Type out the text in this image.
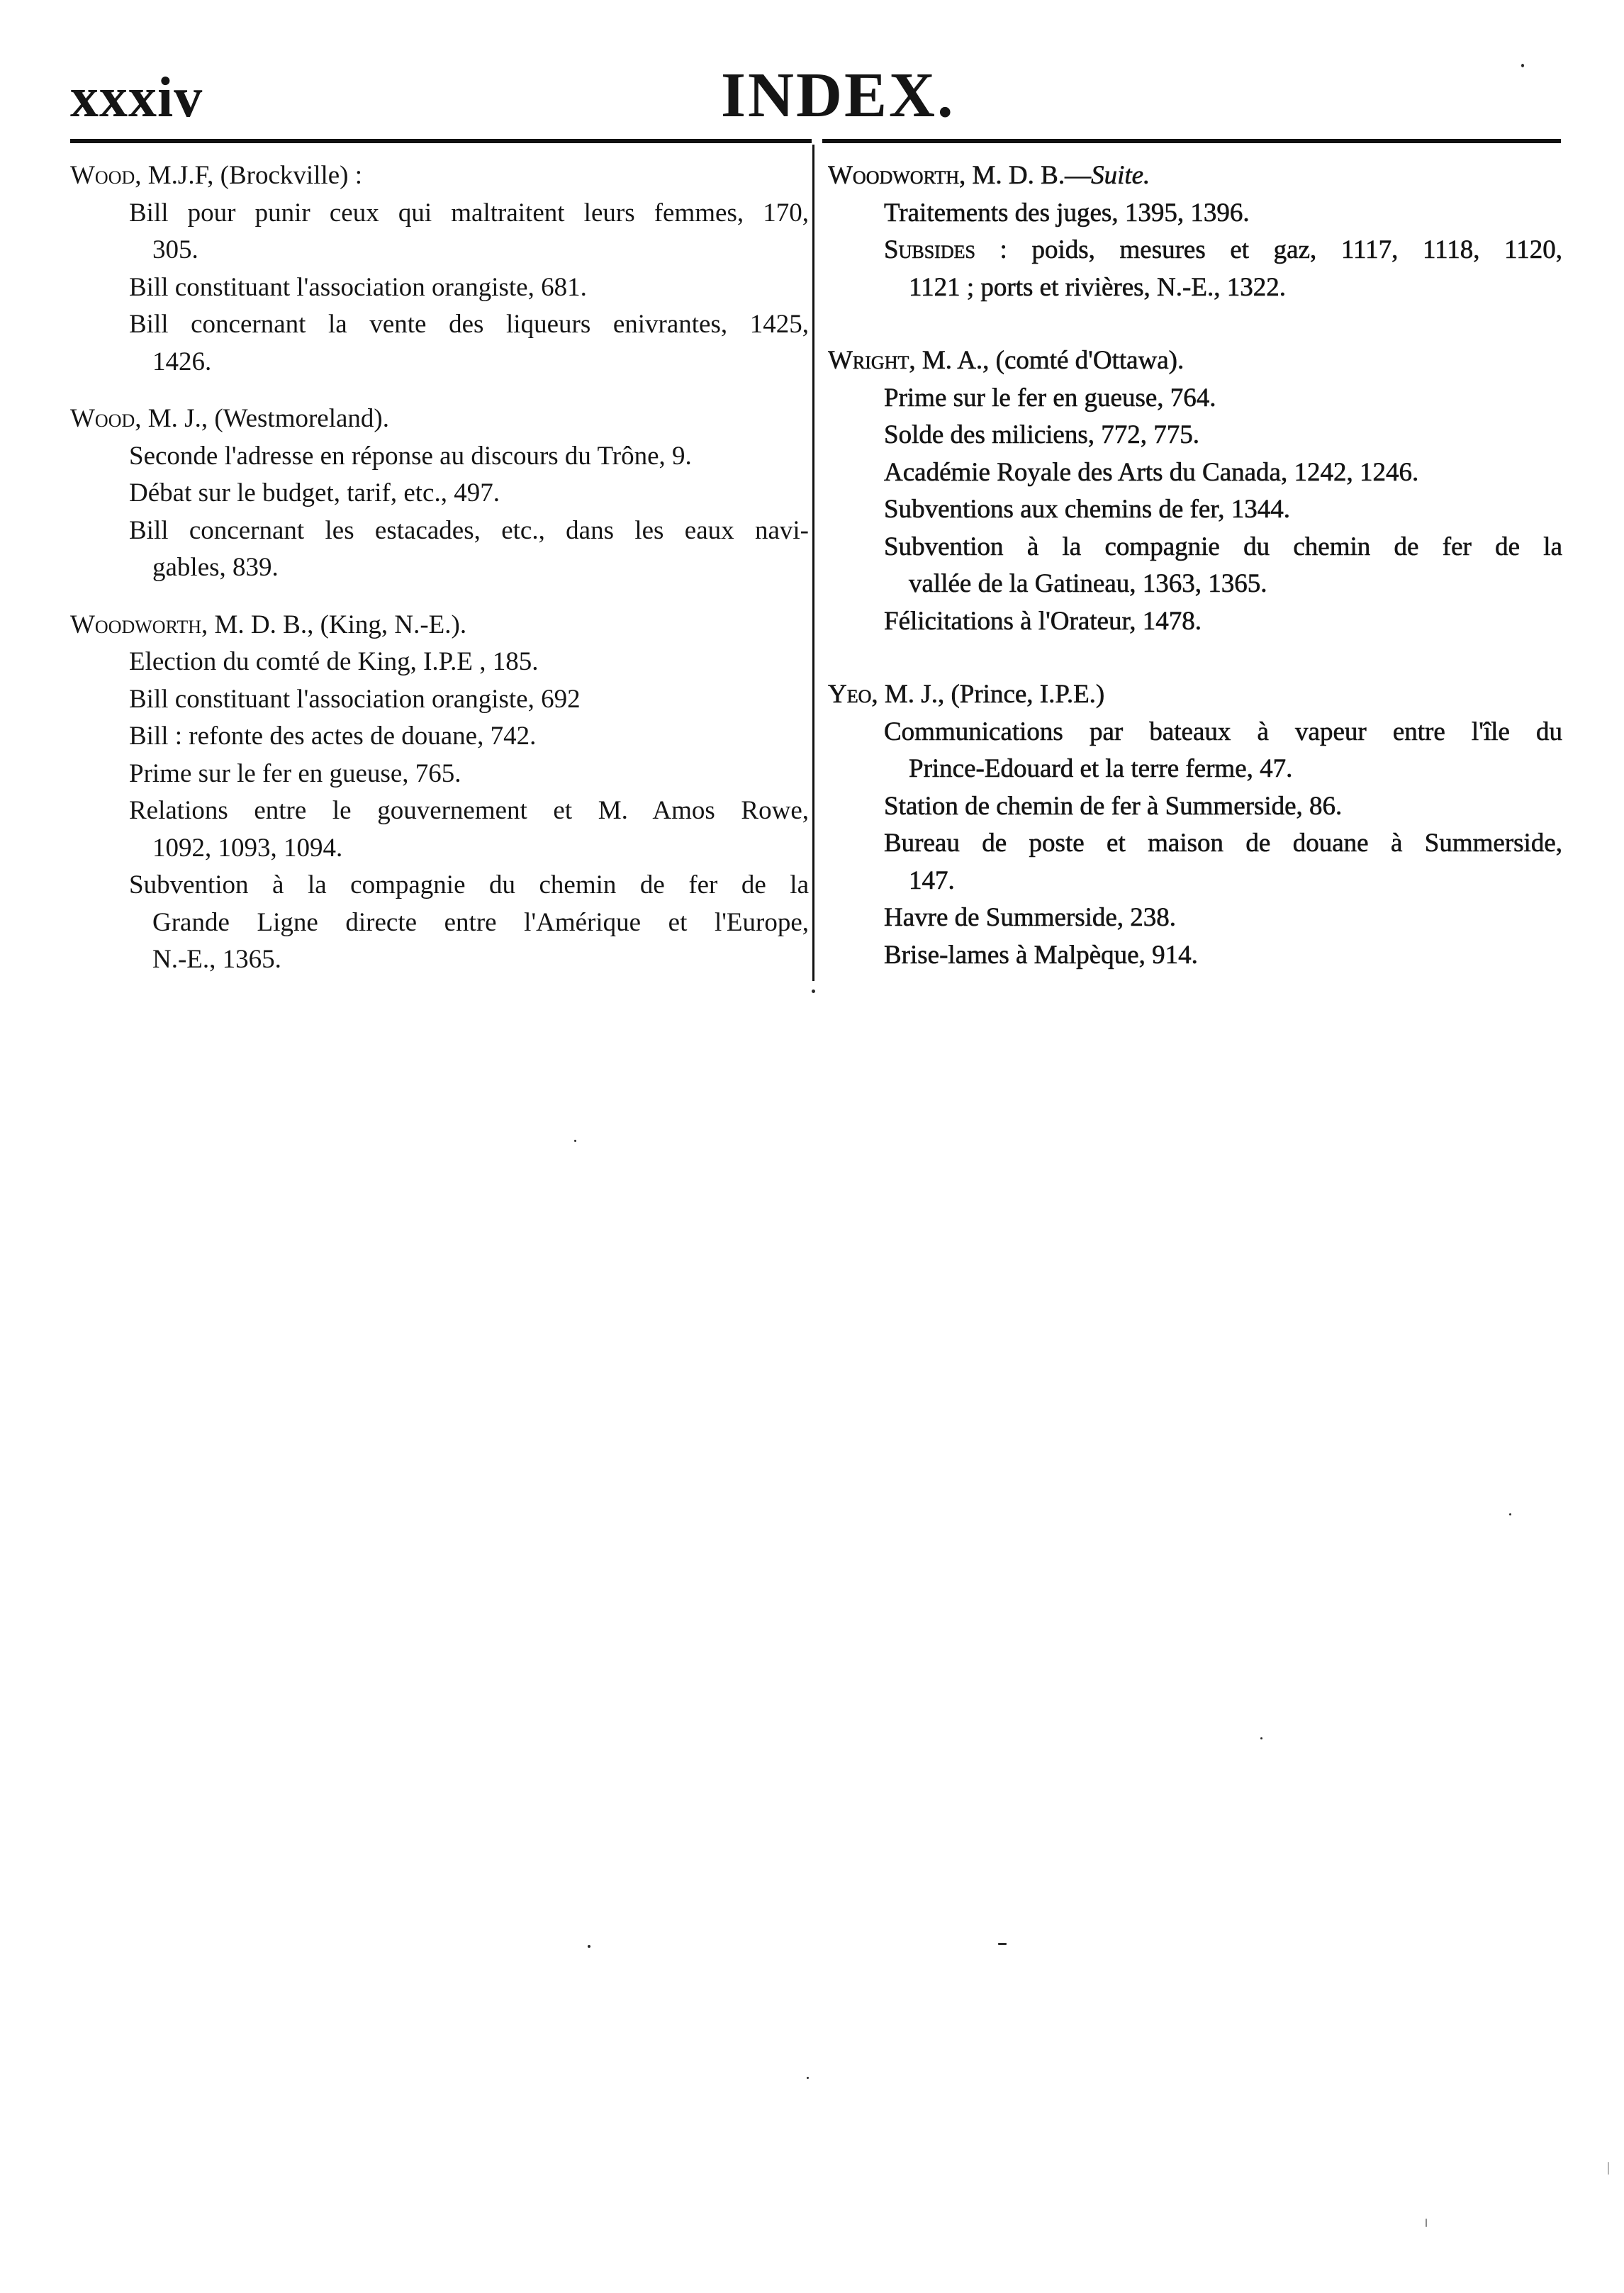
xxxiv	INDEX.
Wood, M.J.F, (Brockville) :
Bill pour punir ceux qui maltraitent leurs femmes, 170,
305.
Bill constituant l'association orangiste, 681.
Bill concernant la vente des liqueurs enivrantes, 1425,
1426.
Wood, M. J., (Westmoreland).
Seconde l'adresse en réponse au discours du Trône, 9.
Débat sur le budget, tarif, etc., 497.
Bill concernant les estacades, etc., dans les eaux navi-
gables, 839.
Woodworth, M. D. B., (King, N.-E.).
Election du comté de King, I.P.E , 185.
Bill constituant l'association orangiste, 692
Bill : refonte des actes de douane, 742.
Prime sur le fer en gueuse, 765.
Relations entre le gouvernement et M. Amos Rowe,
1092, 1093, 1094.
Subvention à la compagnie du chemin de fer de la
Grande Ligne directe entre l'Amérique et l'Europe,
N.-E., 1365.
Woodworth, M. D. B.—Suite.
Traitements des juges, 1395, 1396.
Subsides : poids, mesures et gaz, 1117, 1118, 1120,
1121 ; ports et rivières, N.-E., 1322.
Wright, M. A., (comté d'Ottawa).
Prime sur le fer en gueuse, 764.
Solde des miliciens, 772, 775.
Académie Royale des Arts du Canada, 1242, 1246.
Subventions aux chemins de fer, 1344.
Subvention à la compagnie du chemin de fer de la
vallée de la Gatineau, 1363, 1365.
Félicitations à l'Orateur, 1478.
Yeo, M. J., (Prince, I.P.E.)
Communications par bateaux à vapeur entre l'île du
Prince-Edouard et la terre ferme, 47.
Station de chemin de fer à Summerside, 86.
Bureau de poste et maison de douane à Summerside,
147.
Havre de Summerside, 238.
Brise-lames à Malpèque, 914.
